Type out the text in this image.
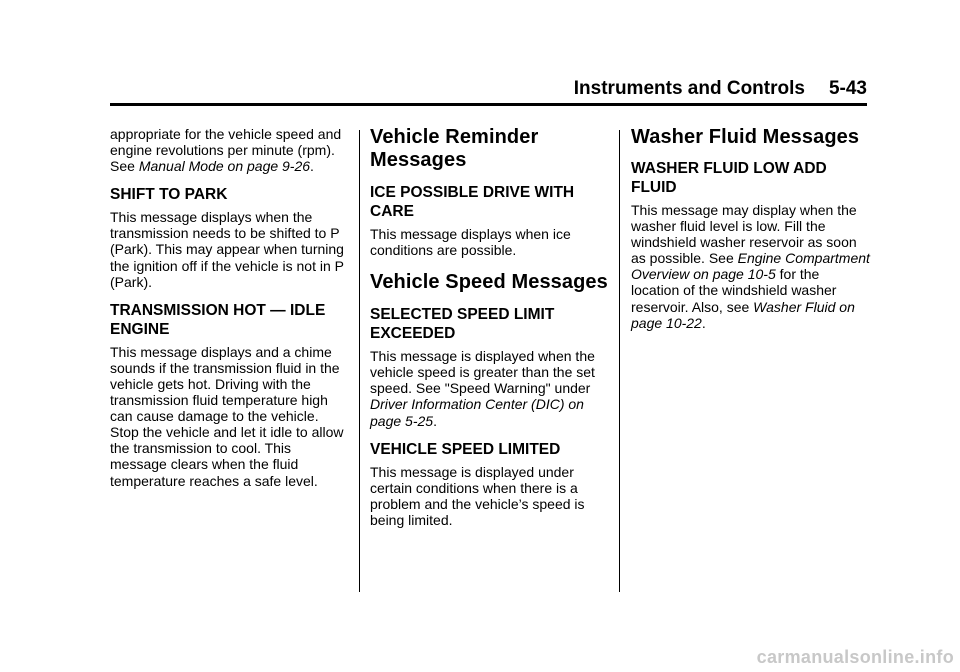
Instruments and Controls 5-43

appropriate for the vehicle speed and engine revolutions per minute (rpm). See Manual Mode on page 9-26.

SHIFT TO PARK

This message displays when the transmission needs to be shifted to P (Park). This may appear when turning the ignition off if the vehicle is not in P (Park).

TRANSMISSION HOT — IDLE ENGINE

This message displays and a chime sounds if the transmission fluid in the vehicle gets hot. Driving with the transmission fluid temperature high can cause damage to the vehicle. Stop the vehicle and let it idle to allow the transmission to cool. This message clears when the fluid temperature reaches a safe level.

Vehicle Reminder Messages
ICE POSSIBLE DRIVE WITH CARE

This message displays when ice conditions are possible.

Vehicle Speed Messages
SELECTED SPEED LIMIT EXCEEDED

This message is displayed when the vehicle speed is greater than the set speed. See "Speed Warning" under Driver Information Center (DIC) on page 5-25.

VEHICLE SPEED LIMITED

This message is displayed under certain conditions when there is a problem and the vehicle’s speed is being limited.

Washer Fluid Messages
WASHER FLUID LOW ADD FLUID

This message may display when the washer fluid level is low. Fill the windshield washer reservoir as soon as possible. See Engine Compartment Overview on page 10-5 for the location of the windshield washer reservoir. Also, see Washer Fluid on page 10-22.

carmanualsonline.info
